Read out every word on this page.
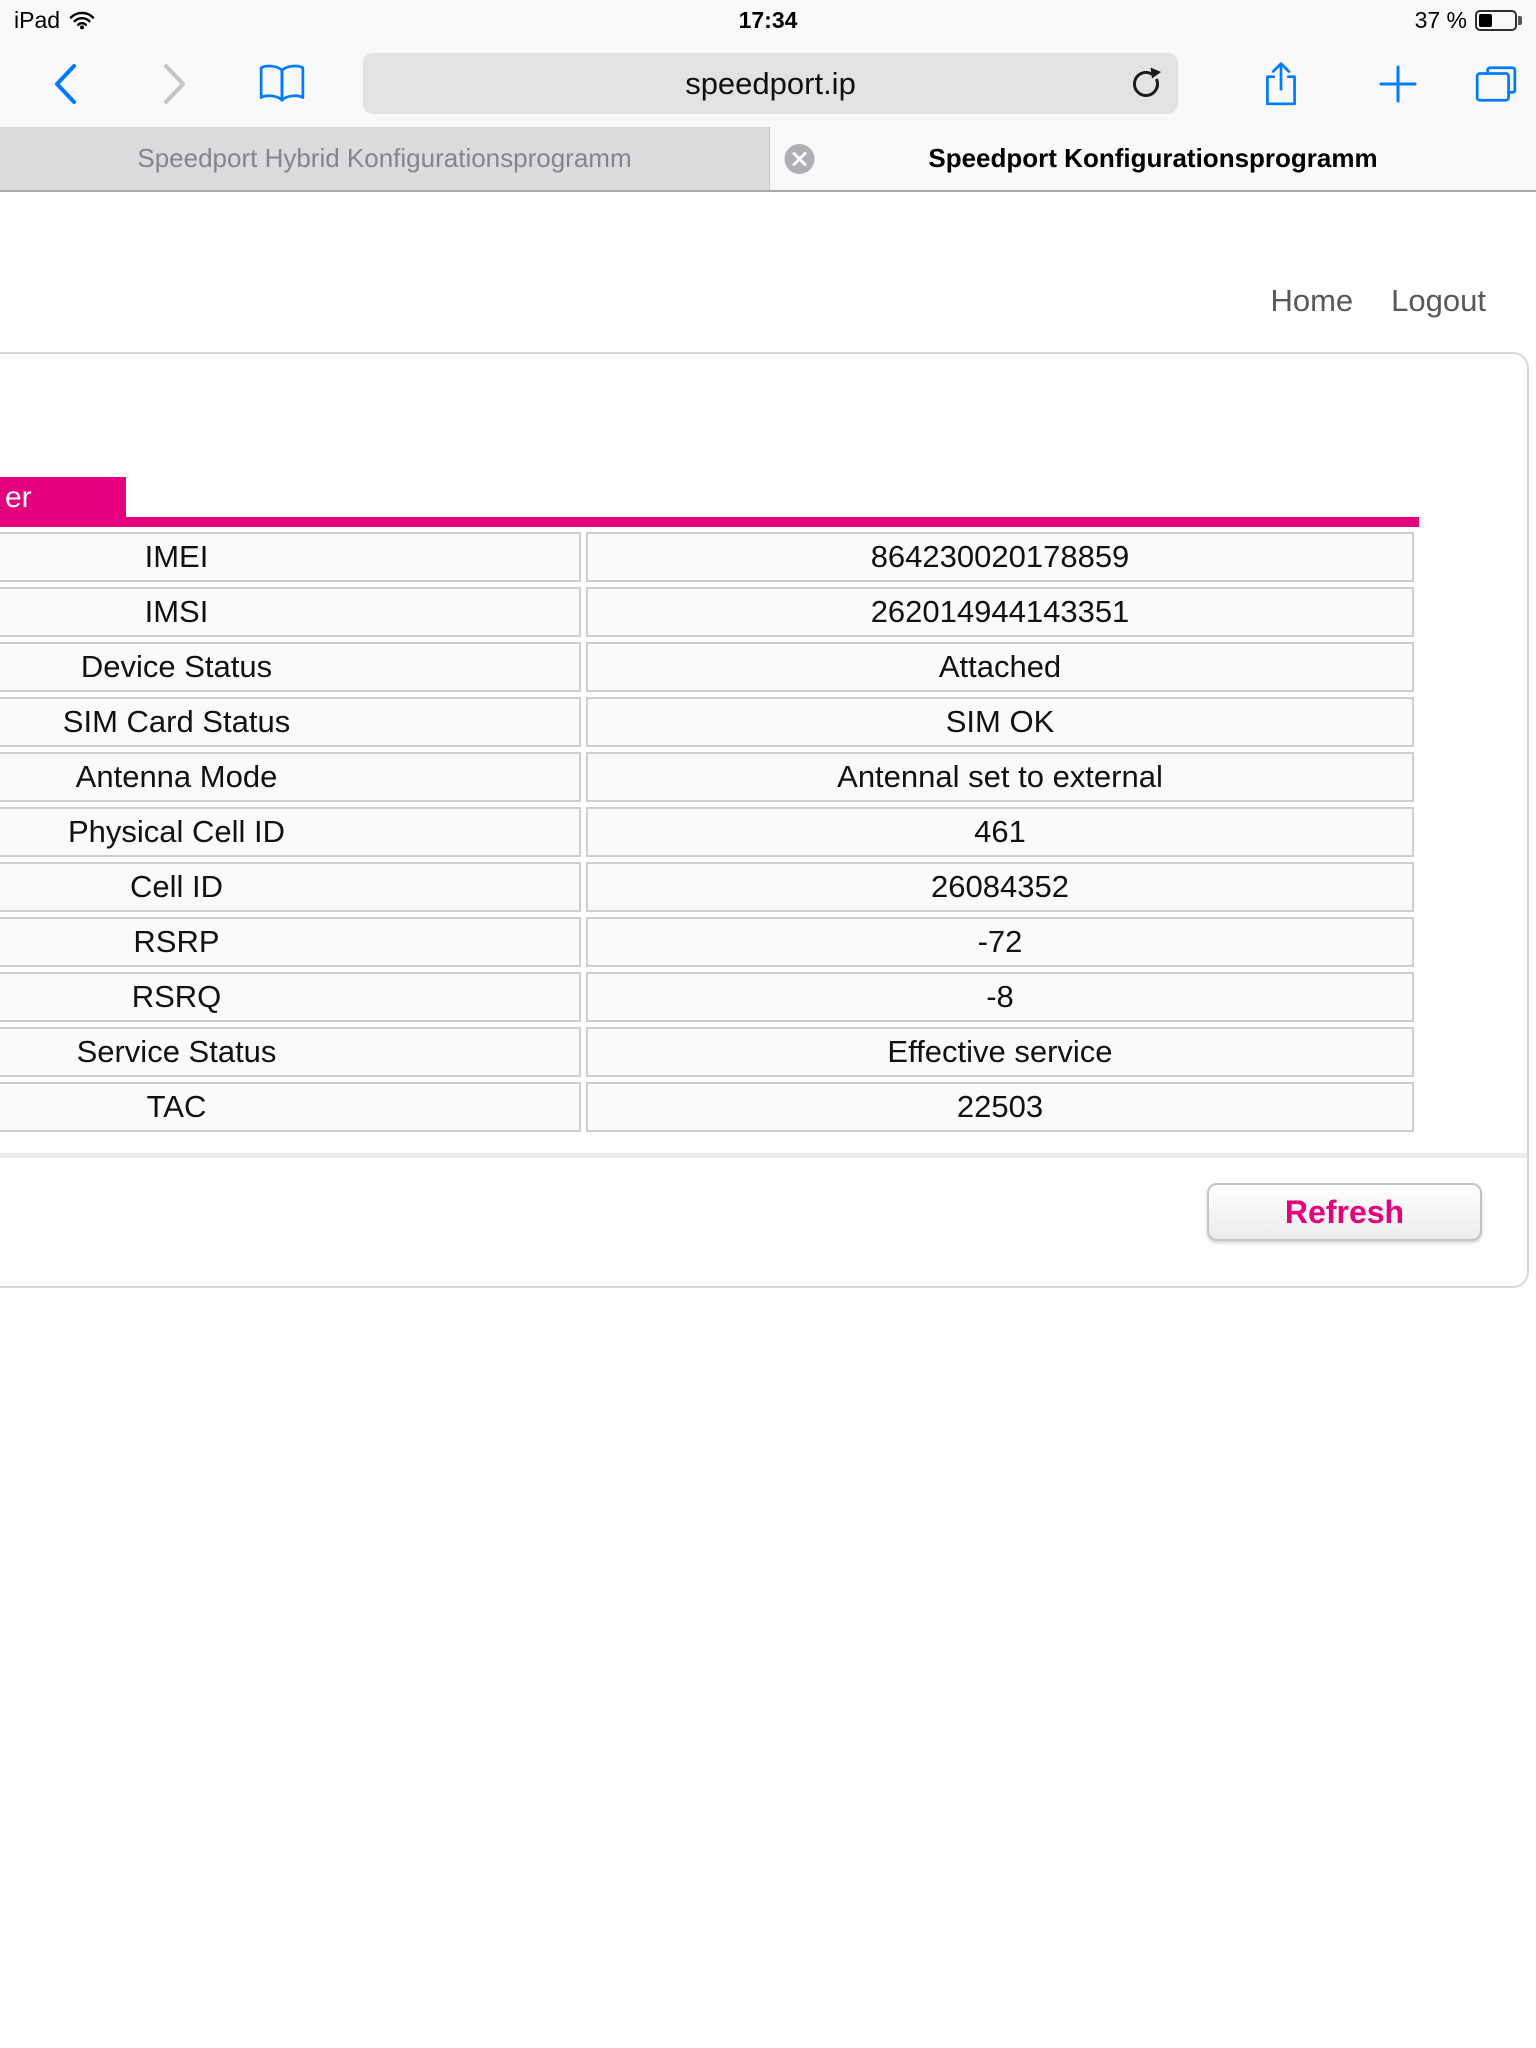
iPad	17:34	37 %
speedport.ip
Speedport Hybrid Konfigurationsprogramm	Speedport Konfigurationsprogramm
Home Logout
er
IMEI	864230020178859
IMSI	262014944143351
Device Status	Attached
SIM Card Status	SIM OK
Antenna Mode	Antennal set to external
Physical Cell ID	461
Cell ID	26084352
RSRP	-72
RSRQ	-8
Service Status	Effective service
TAC	22503
Refresh
